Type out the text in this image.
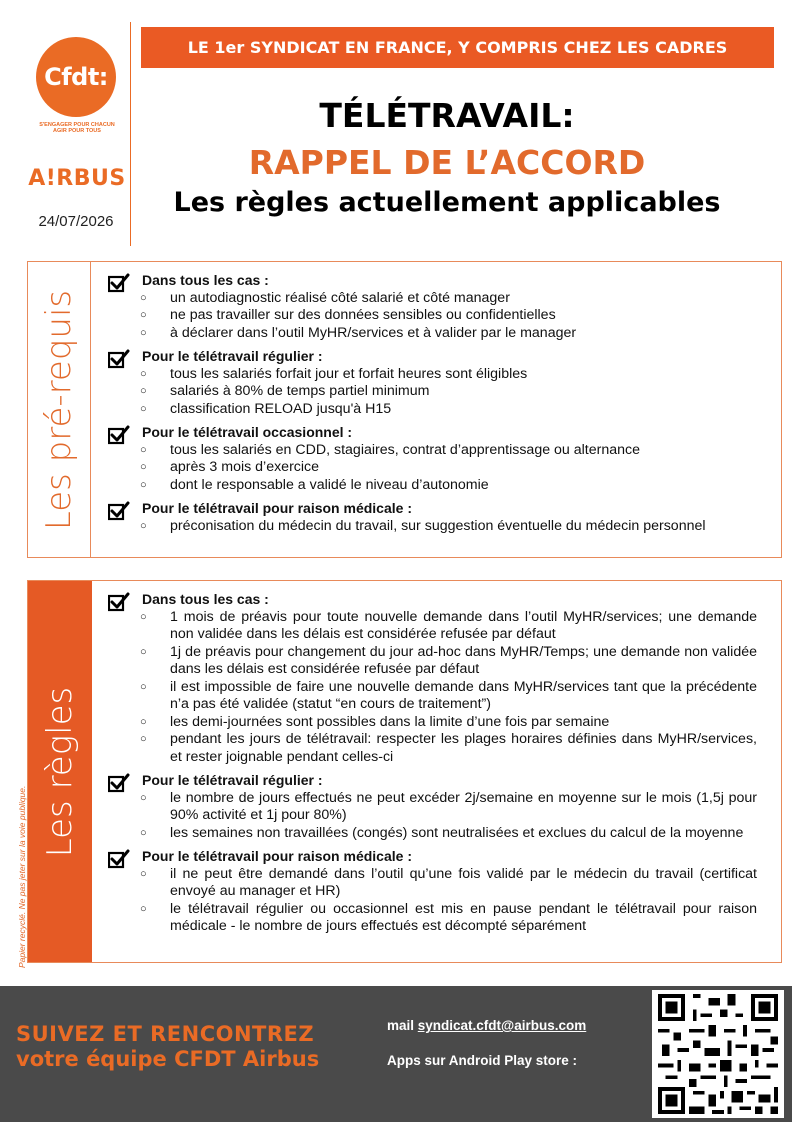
Cfdt:
S'ENGAGER POUR CHACUN AGIR POUR TOUS
A!RBUS
24/07/2026
LE 1er SYNDICAT EN FRANCE, Y COMPRIS CHEZ LES CADRES
TÉLÉTRAVAIL:
RAPPEL DE L’ACCORD
Les règles actuellement applicables
Les pré-requis
Dans tous les cas :
○ un autodiagnostic réalisé côté salarié et côté manager
○ ne pas travailler sur des données sensibles ou confidentielles
○ à déclarer dans l’outil MyHR/services et à valider par le manager
Pour le télétravail régulier :
○ tous les salariés forfait jour et forfait heures sont éligibles
○ salariés à 80% de temps partiel minimum
○ classification RELOAD jusqu'à H15
Pour le télétravail occasionnel :
○ tous les salariés en CDD, stagiaires, contrat d’apprentissage ou alternance
○ après 3 mois d’exercice
○ dont le responsable a validé le niveau d’autonomie
Pour le télétravail pour raison médicale :
○ préconisation du médecin du travail, sur suggestion éventuelle du médecin personnel
Les règles
Dans tous les cas :
○ 1 mois de préavis pour toute nouvelle demande dans l’outil MyHR/services; une demande non validée dans les délais est considérée refusée par défaut
○ 1j de préavis pour changement du jour ad-hoc dans MyHR/Temps; une demande non validée dans les délais est considérée refusée par défaut
○ il est impossible de faire une nouvelle demande dans MyHR/services tant que la précédente n’a pas été validée (statut “en cours de traitement”)
○ les demi-journées sont possibles dans la limite d’une fois par semaine
○ pendant les jours de télétravail: respecter les plages horaires définies dans MyHR/services, et rester joignable pendant celles-ci
Pour le télétravail régulier :
○ le nombre de jours effectués ne peut excéder 2j/semaine en moyenne sur le mois (1,5j pour 90% activité et 1j pour 80%)
○ les semaines non travaillées (congés) sont neutralisées et exclues du calcul de la moyenne
Pour le télétravail pour raison médicale :
○ il ne peut être demandé dans l’outil qu’une fois validé par le médecin du travail (certificat envoyé au manager et HR)
○ le télétravail régulier ou occasionnel est mis en pause pendant le télétravail pour raison médicale - le nombre de jours effectués est décompté séparément
Papier recyclé. Ne pas jeter sur la voie publique.
SUIVEZ ET RENCONTREZ
votre équipe CFDT Airbus
mail syndicat.cfdt@airbus.com
Apps sur Android Play store :
